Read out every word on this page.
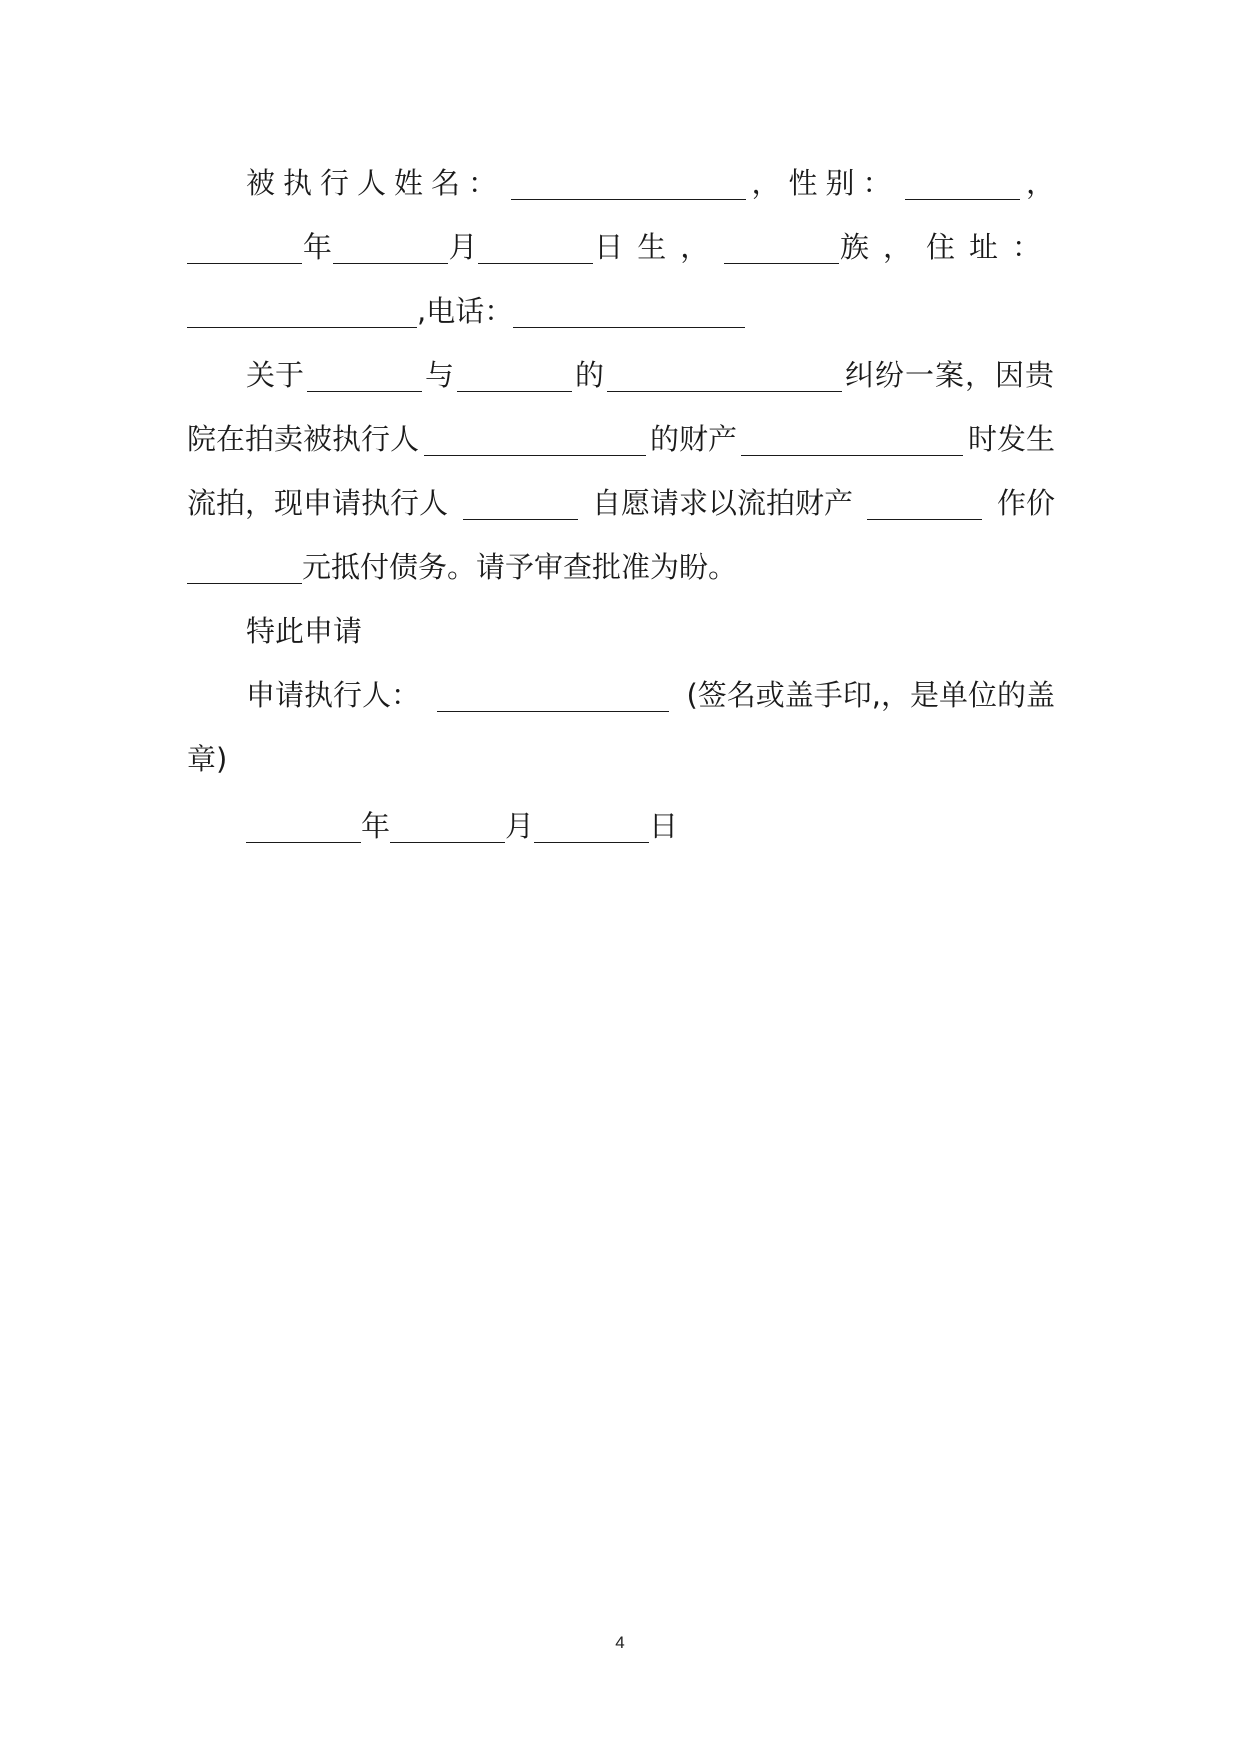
被执行人姓名：	，性别：	，
年	月	日生，	族，住址：
,电话：
关于	与	的	纠纷一案，因贵
院在拍卖被执行人	的财产	时发生
流拍，现申请执行人	自愿请求以流拍财产	作价
元抵付债务。请予审查批准为盼。
特此申请
申请执行人：	(签名或盖手印,，是单位的盖
章)
年	月	日
4
